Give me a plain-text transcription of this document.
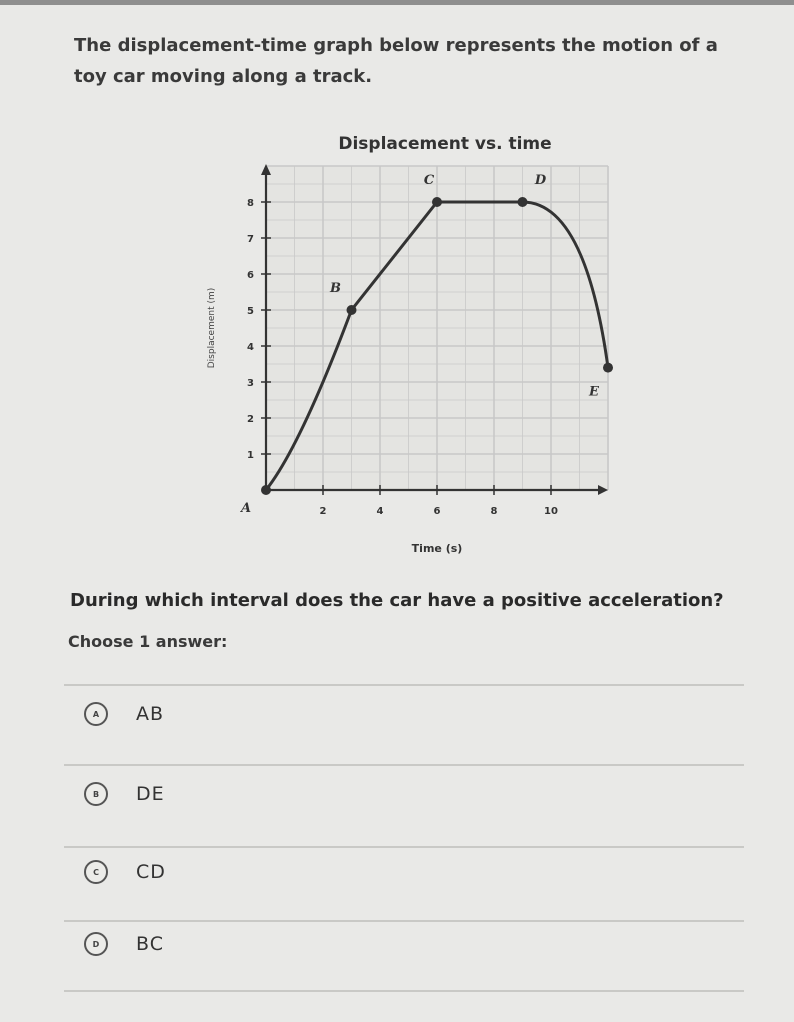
The displacement-time graph below represents the motion of a toy car moving along a track.
Displacement vs. time
2	4	6	8	10
1
2
3
4
5
6
7
8
A
B
C	D
E
Displacement (m)
Time (s)
During which interval does the car have a positive acceleration?
Choose 1 answer:
A	AB
B	DE
C	CD
D	BC
